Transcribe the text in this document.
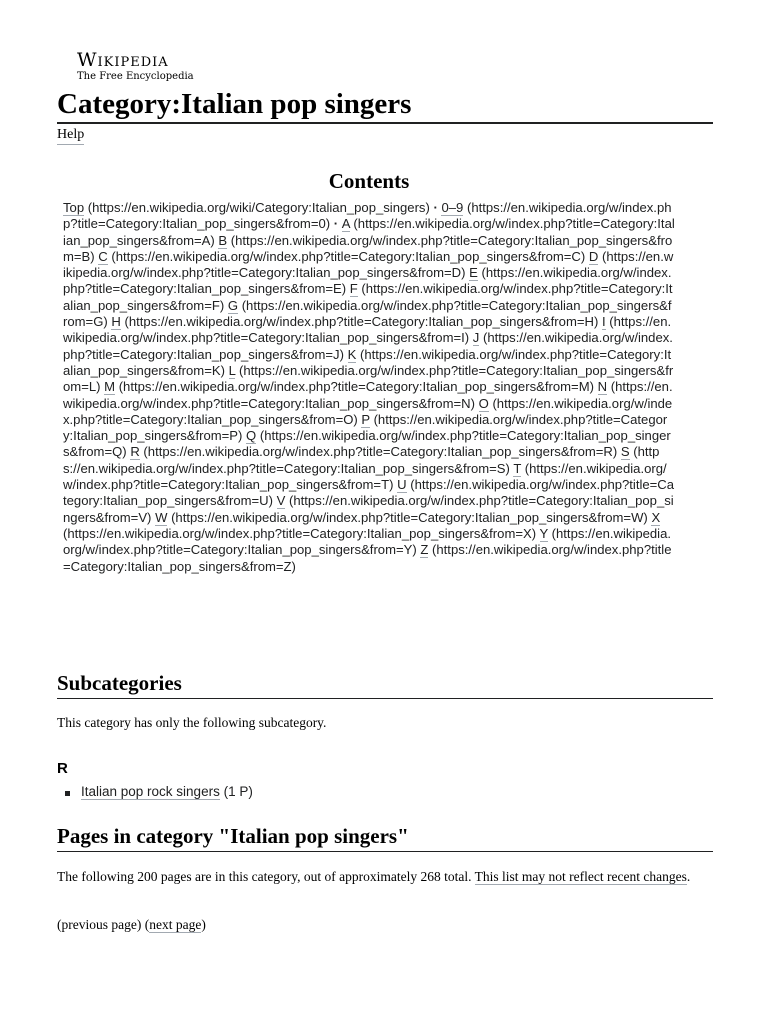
Wikipedia
The Free Encyclopedia
Category:Italian pop singers
Help
Contents
Top (https://en.wikipedia.org/wiki/Category:Italian_pop_singers) · 0–9 (https://en.wikipedia.org/w/index.php?title=Category:Italian_pop_singers&from=0) · A (https://en.wikipedia.org/w/index.php?title=Category:Italian_pop_singers&from=A) B (https://en.wikipedia.org/w/index.php?title=Category:Italian_pop_singers&from=B) C (https://en.wikipedia.org/w/index.php?title=Category:Italian_pop_singers&from=C) D (https://en.wikipedia.org/w/index.php?title=Category:Italian_pop_singers&from=D) E (https://en.wikipedia.org/w/index.php?title=Category:Italian_pop_singers&from=E) F (https://en.wikipedia.org/w/index.php?title=Category:Italian_pop_singers&from=F) G (https://en.wikipedia.org/w/index.php?title=Category:Italian_pop_singers&from=G) H (https://en.wikipedia.org/w/index.php?title=Category:Italian_pop_singers&from=H) I (https://en.wikipedia.org/w/index.php?title=Category:Italian_pop_singers&from=I) J (https://en.wikipedia.org/w/index.php?title=Category:Italian_pop_singers&from=J) K (https://en.wikipedia.org/w/index.php?title=Category:Italian_pop_singers&from=K) L (https://en.wikipedia.org/w/index.php?title=Category:Italian_pop_singers&from=L) M (https://en.wikipedia.org/w/index.php?title=Category:Italian_pop_singers&from=M) N (https://en.wikipedia.org/w/index.php?title=Category:Italian_pop_singers&from=N) O (https://en.wikipedia.org/w/index.php?title=Category:Italian_pop_singers&from=O) P (https://en.wikipedia.org/w/index.php?title=Category:Italian_pop_singers&from=P) Q (https://en.wikipedia.org/w/index.php?title=Category:Italian_pop_singers&from=Q) R (https://en.wikipedia.org/w/index.php?title=Category:Italian_pop_singers&from=R) S (https://en.wikipedia.org/w/index.php?title=Category:Italian_pop_singers&from=S) T (https://en.wikipedia.org/w/index.php?title=Category:Italian_pop_singers&from=T) U (https://en.wikipedia.org/w/index.php?title=Category:Italian_pop_singers&from=U) V (https://en.wikipedia.org/w/index.php?title=Category:Italian_pop_singers&from=V) W (https://en.wikipedia.org/w/index.php?title=Category:Italian_pop_singers&from=W) X (https://en.wikipedia.org/w/index.php?title=Category:Italian_pop_singers&from=X) Y (https://en.wikipedia.org/w/index.php?title=Category:Italian_pop_singers&from=Y) Z (https://en.wikipedia.org/w/index.php?title=Category:Italian_pop_singers&from=Z)
Subcategories
This category has only the following subcategory.
R
Italian pop rock singers (1 P)
Pages in category "Italian pop singers"
The following 200 pages are in this category, out of approximately 268 total. This list may not reflect recent changes.
(previous page) (next page)
